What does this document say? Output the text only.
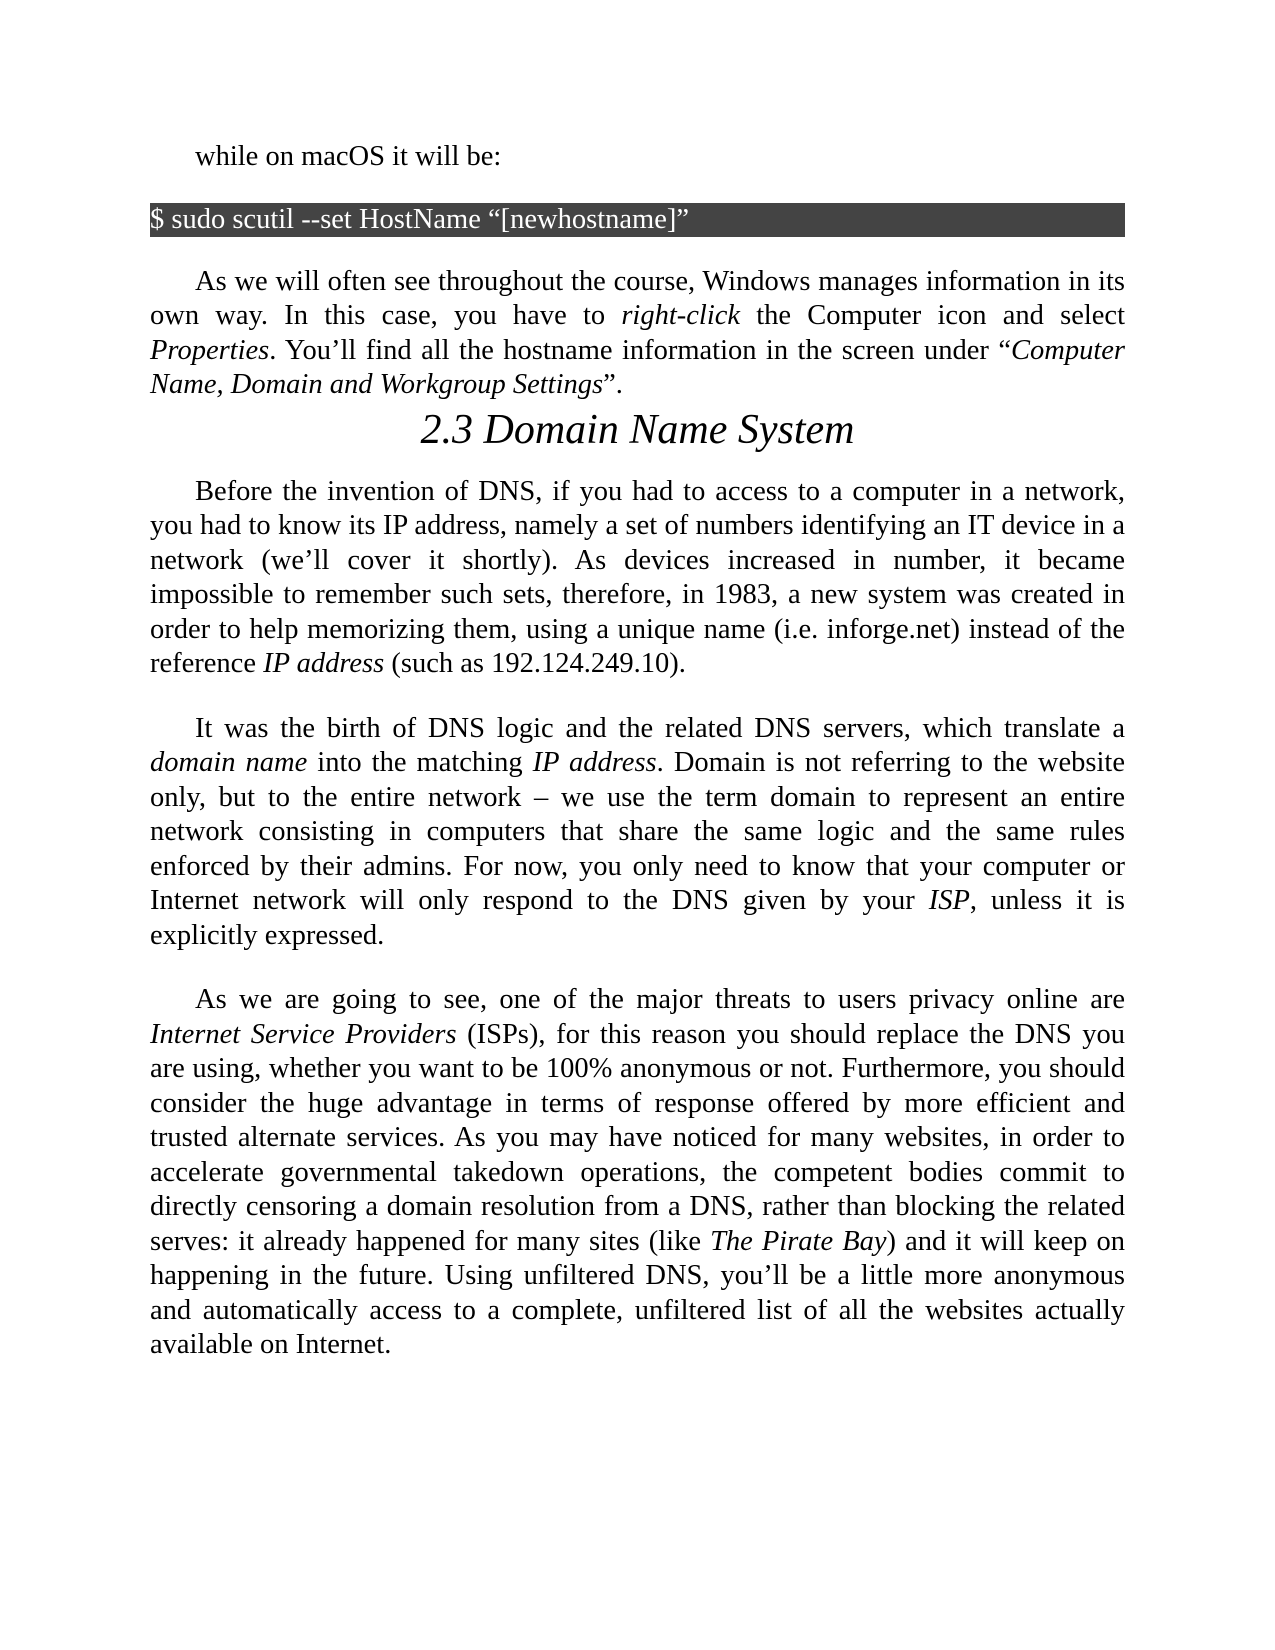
while on macOS it will be:

$ sudo scutil --set HostName “[newhostname]”

As we will often see throughout the course, Windows manages information in its own way. In this case, you have to right-click the Computer icon and select Properties. You’ll find all the hostname information in the screen under “Computer Name, Domain and Workgroup Settings”.

2.3 Domain Name System

Before the invention of DNS, if you had to access to a computer in a network, you had to know its IP address, namely a set of numbers identifying an IT device in a network (we’ll cover it shortly). As devices increased in number, it became impossible to remember such sets, therefore, in 1983, a new system was created in order to help memorizing them, using a unique name (i.e. inforge.net) instead of the reference IP address (such as 192.124.249.10).

It was the birth of DNS logic and the related DNS servers, which translate a domain name into the matching IP address. Domain is not referring to the website only, but to the entire network – we use the term domain to represent an entire network consisting in computers that share the same logic and the same rules enforced by their admins. For now, you only need to know that your computer or Internet network will only respond to the DNS given by your ISP, unless it is explicitly expressed.

As we are going to see, one of the major threats to users privacy online are Internet Service Providers (ISPs), for this reason you should replace the DNS you are using, whether you want to be 100% anonymous or not. Furthermore, you should consider the huge advantage in terms of response offered by more efficient and trusted alternate services. As you may have noticed for many websites, in order to accelerate governmental takedown operations, the competent bodies commit to directly censoring a domain resolution from a DNS, rather than blocking the related serves: it already happened for many sites (like The Pirate Bay) and it will keep on happening in the future. Using unfiltered DNS, you’ll be a little more anonymous and automatically access to a complete, unfiltered list of all the websites actually available on Internet.
